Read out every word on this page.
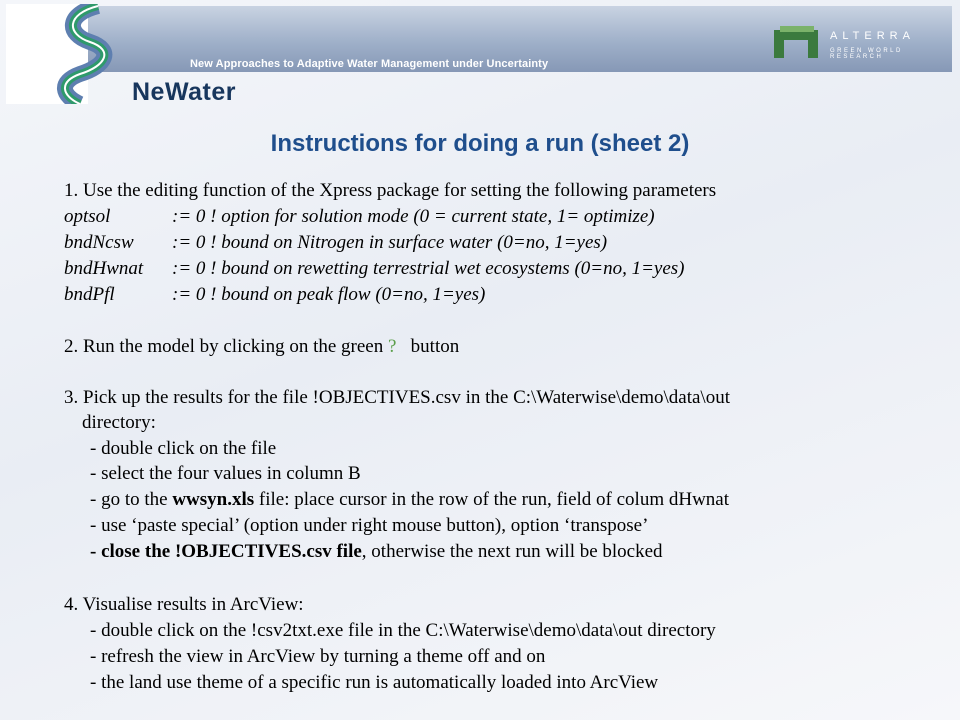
New Approaches to Adaptive Water Management under Uncertainty
NeWater
ALTERRA
GREEN WORLD RESEARCH
Instructions for doing a run (sheet 2)
1. Use the editing function of the Xpress package for setting the following parameters
optsol	:= 0 ! option for solution mode (0 = current state, 1= optimize)
bndNcsw := 0 ! bound on Nitrogen in surface water (0=no, 1=yes)
bndHwnat := 0 ! bound on rewetting terrestrial wet ecosystems (0=no, 1=yes)
bndPfl	:= 0 ! bound on peak flow (0=no, 1=yes)
2. Run the model by clicking on the green ?   button
3. Pick up the results for the file !OBJECTIVES.csv in the C:\Waterwise\demo\data\out
directory:
- double click on the file
- select the four values in column B
- go to the wwsyn.xls file: place cursor in the row of the run, field of colum dHwnat
- use ‘paste special’ (option under right mouse button), option ‘transpose’
- close the !OBJECTIVES.csv file, otherwise the next run will be blocked
4. Visualise results in ArcView:
- double click on the !csv2txt.exe file in the C:\Waterwise\demo\data\out directory
- refresh the view in ArcView by turning a theme off and on
- the land use theme of a specific run is automatically loaded into ArcView
